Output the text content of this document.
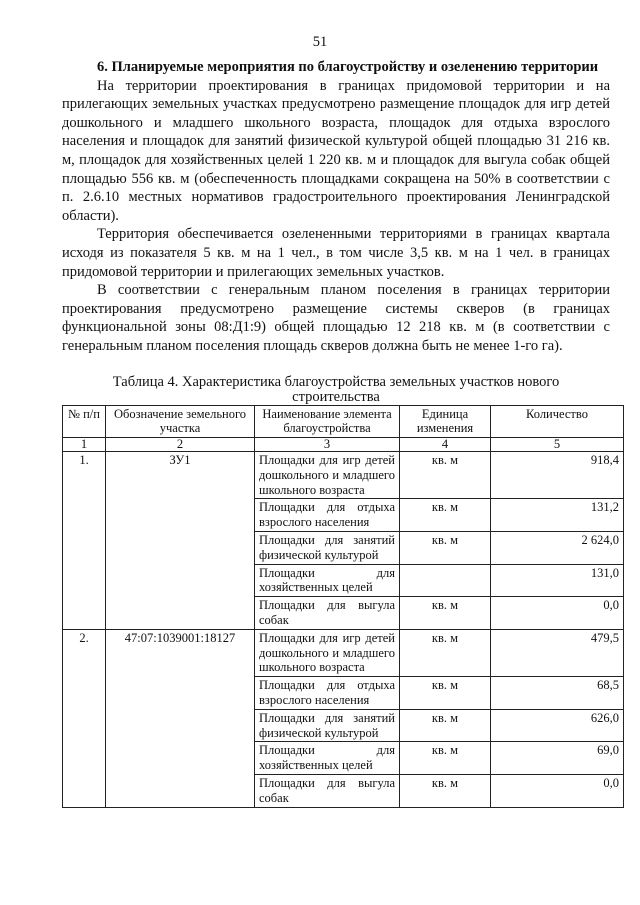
51

6. Планируемые мероприятия по благоустройству и озеленению территории

На территории проектирования в границах придомовой территории и на прилегающих земельных участках предусмотрено размещение площадок для игр детей дошкольного и младшего школьного возраста, площадок для отдыха взрослого населения и площадок для занятий физической культурой общей площадью 31 216 кв. м, площадок для хозяйственных целей 1 220 кв. м и площадок для выгула собак общей площадью 556 кв. м (обеспеченность площадками сокращена на 50% в соответствии с п. 2.6.10 местных нормативов градостроительного проектирования Ленинградской области).

Территория обеспечивается озелененными территориями в границах квартала исходя из показателя 5 кв. м на 1 чел., в том числе 3,5 кв. м на 1 чел. в границах придомовой территории и прилегающих земельных участков.

В соответствии с генеральным планом поселения в границах территории проектирования предусмотрено размещение системы скверов (в границах функциональной зоны 08:Д1:9) общей площадью 12 218 кв. м (в соответствии с генеральным планом поселения площадь скверов должна быть не менее 1-го га).

Таблица 4. Характеристика благоустройства земельных участков нового строительства

№ п/п	Обозначение земельного участка	Наименование элемента благоустройства	Единица изменения	Количество
1	2	3	4	5
1.	ЗУ1	Площадки для игр детей дошкольного и младшего школьного возраста	кв. м	918,4
		Площадки для отдыха взрослого населения	кв. м	131,2
		Площадки для занятий физической культурой	кв. м	2 624,0
		Площадки для хозяйственных целей		131,0
		Площадки для выгула собак	кв. м	0,0
2.	47:07:1039001:18127	Площадки для игр детей дошкольного и младшего школьного возраста	кв. м	479,5
		Площадки для отдыха взрослого населения	кв. м	68,5
		Площадки для занятий физической культурой	кв. м	626,0
		Площадки для хозяйственных целей	кв. м	69,0
		Площадки для выгула собак	кв. м	0,0
